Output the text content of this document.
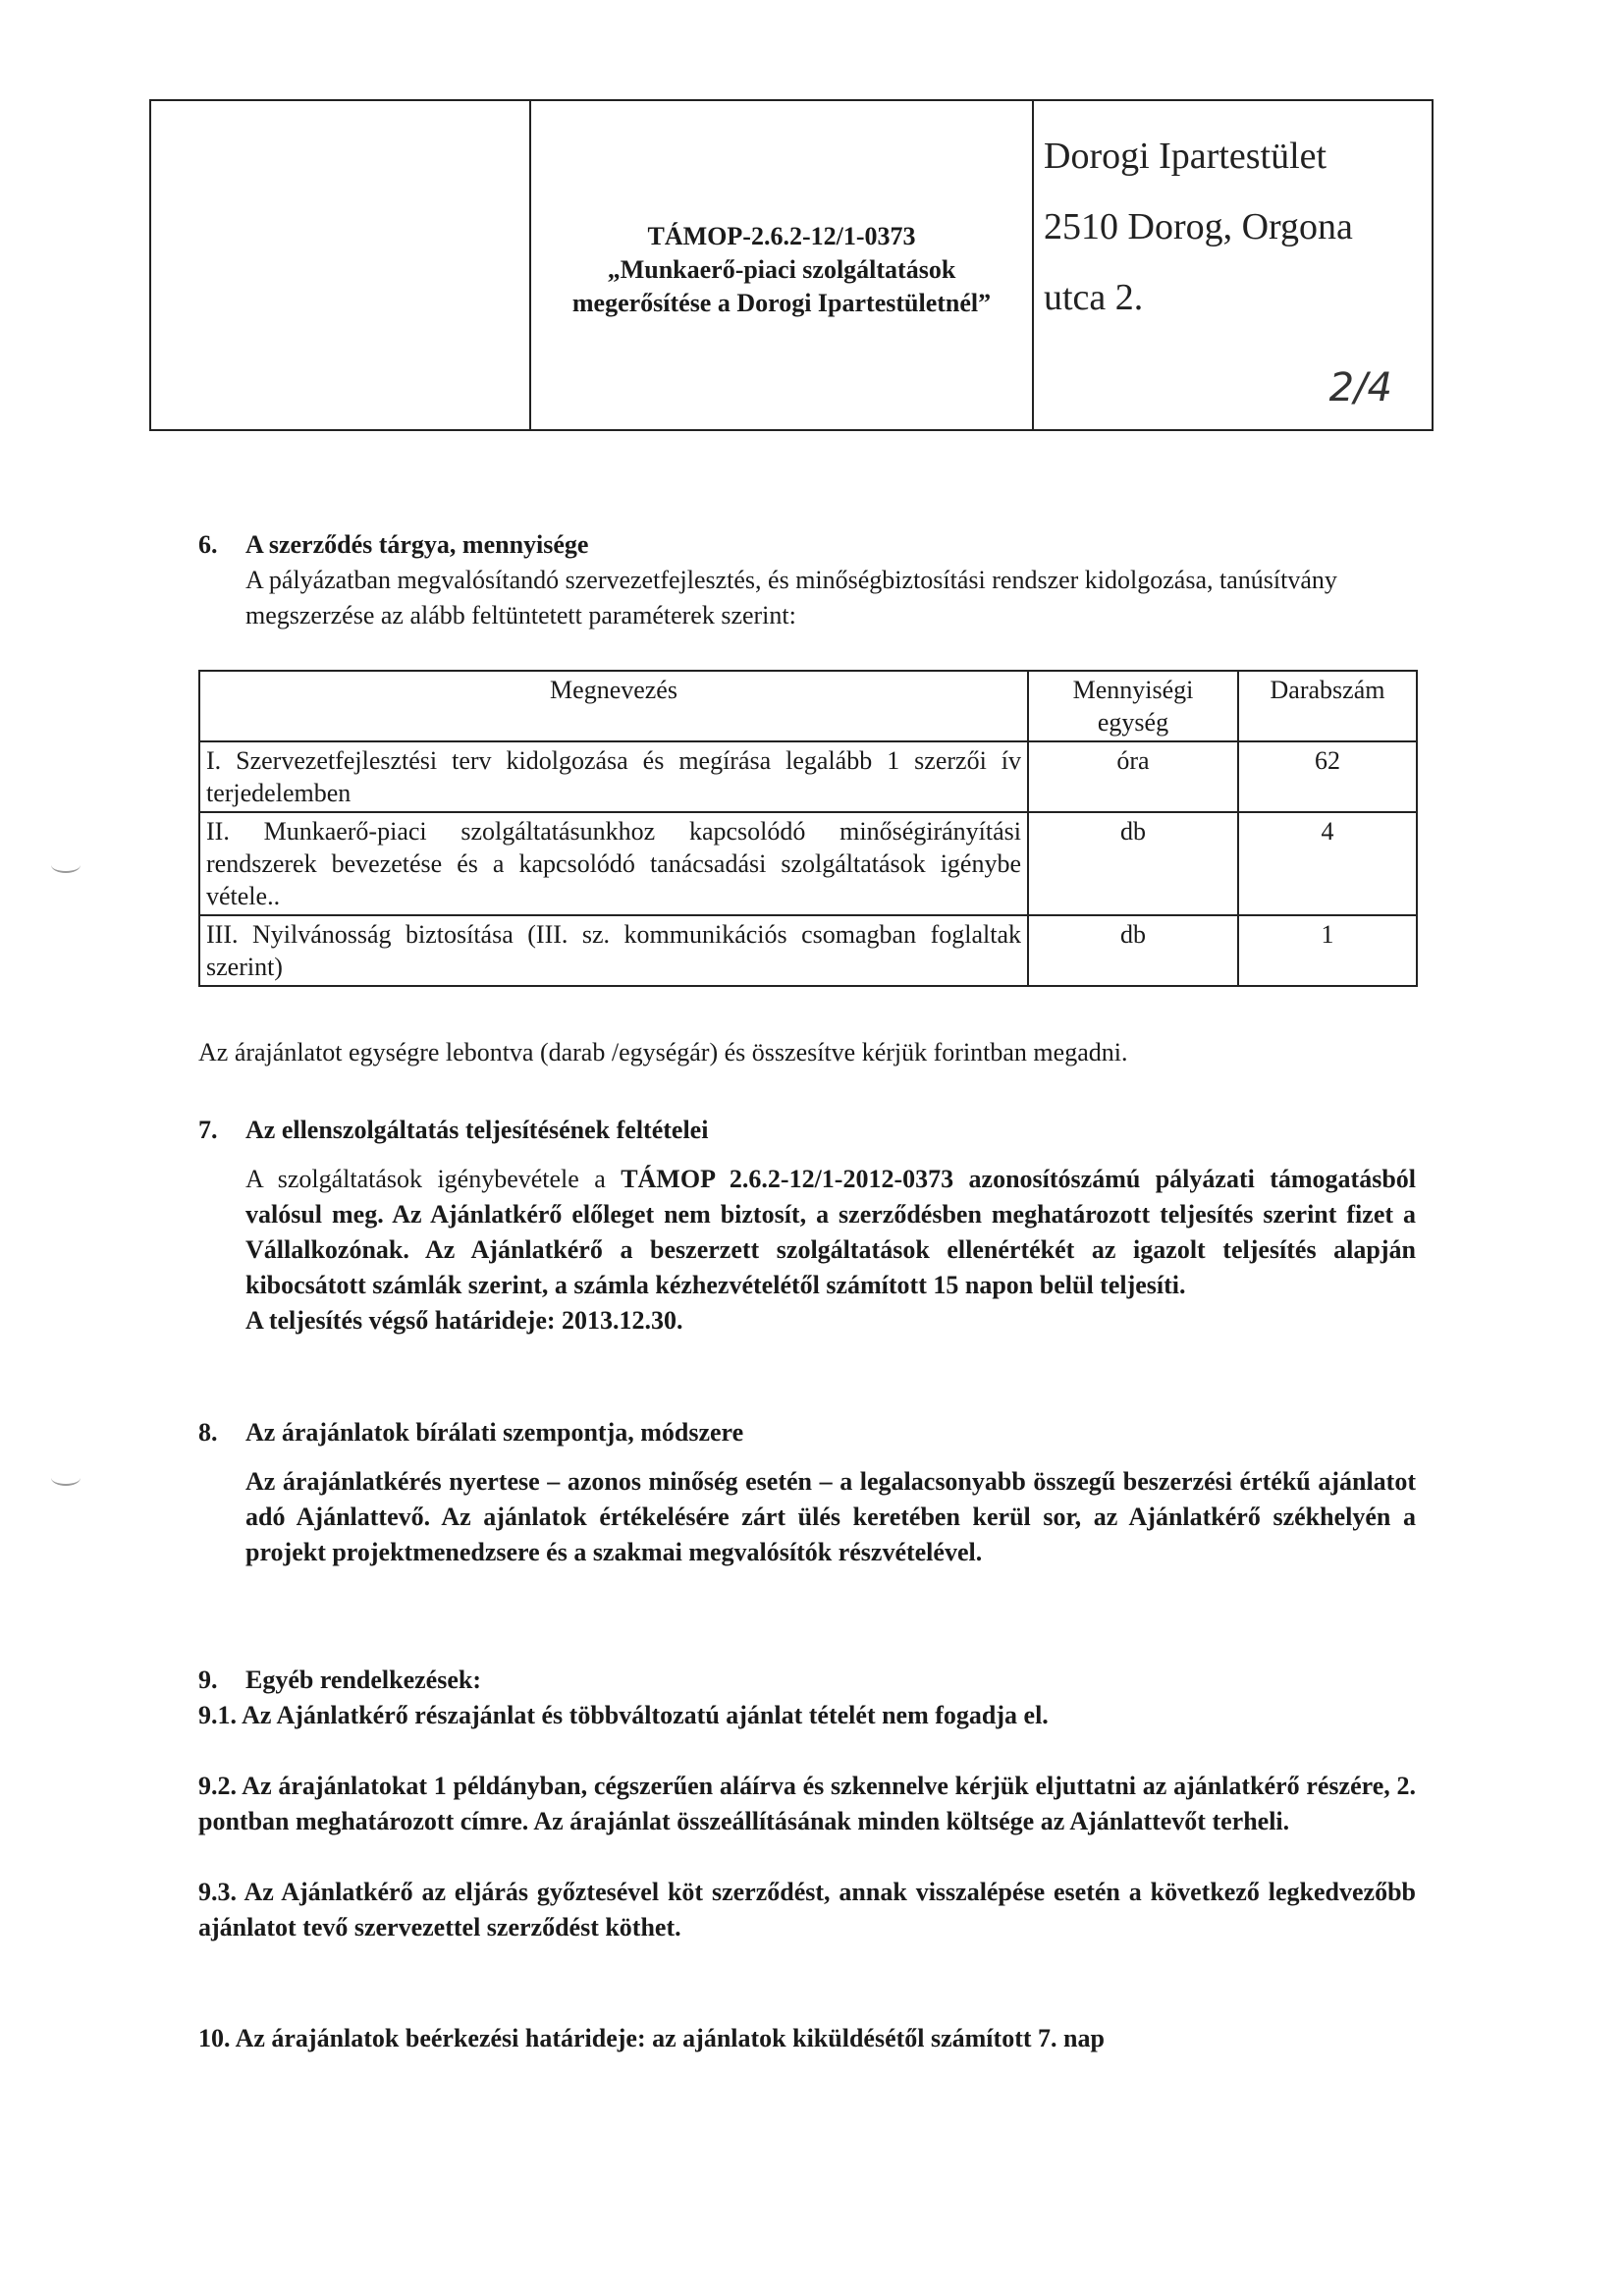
TÁMOP-2.6.2-12/1-0373
„Munkaerő-piaci szolgáltatások megerősítése a Dorogi Ipartestületnél”
Dorogi Ipartestület
2510 Dorog, Orgona
utca 2.
2/4
6. A szerződés tárgya, mennyisége
A pályázatban megvalósítandó szervezetfejlesztés, és minőségbiztosítási rendszer kidolgozása, tanúsítvány megszerzése az alább feltüntetett paraméterek szerint:
Megnevezés	Mennyiségi egység	Darabszám
I. Szervezetfejlesztési terv kidolgozása és megírása legalább 1 szerzői ív terjedelemben	óra	62
II. Munkaerő-piaci szolgáltatásunkhoz kapcsolódó minőségirányítási rendszerek bevezetése és a kapcsolódó tanácsadási szolgáltatások igénybe vétele..	db	4
III. Nyilvánosság biztosítása (III. sz. kommunikációs csomagban foglaltak szerint)	db	1
Az árajánlatot egységre lebontva (darab /egységár) és összesítve kérjük forintban megadni.
7. Az ellenszolgáltatás teljesítésének feltételei
A szolgáltatások igénybevétele a TÁMOP 2.6.2-12/1-2012-0373 azonosítószámú pályázati támogatásból valósul meg. Az Ajánlatkérő előleget nem biztosít, a szerződésben meghatározott teljesítés szerint fizet a Vállalkozónak. Az Ajánlatkérő a beszerzett szolgáltatások ellenértékét az igazolt teljesítés alapján kibocsátott számlák szerint, a számla kézhezvételétől számított 15 napon belül teljesíti.
A teljesítés végső határideje: 2013.12.30.
8. Az árajánlatok bírálati szempontja, módszere
Az árajánlatkérés nyertese – azonos minőség esetén – a legalacsonyabb összegű beszerzési értékű ajánlatot adó Ajánlattevő. Az ajánlatok értékelésére zárt ülés keretében kerül sor, az Ajánlatkérő székhelyén a projekt projektmenedzsere és a szakmai megvalósítók részvételével.
9. Egyéb rendelkezések:
9.1. Az Ajánlatkérő részajánlat és többváltozatú ajánlat tételét nem fogadja el.
9.2. Az árajánlatokat 1 példányban, cégszerűen aláírva és szkennelve kérjük eljuttatni az ajánlatkérő részére, 2. pontban meghatározott címre. Az árajánlat összeállításának minden költsége az Ajánlattevőt terheli.
9.3. Az Ajánlatkérő az eljárás győztesével köt szerződést, annak visszalépése esetén a következő legkedvezőbb ajánlatot tevő szervezettel szerződést köthet.
10. Az árajánlatok beérkezési határideje: az ajánlatok kiküldésétől számított 7. nap
